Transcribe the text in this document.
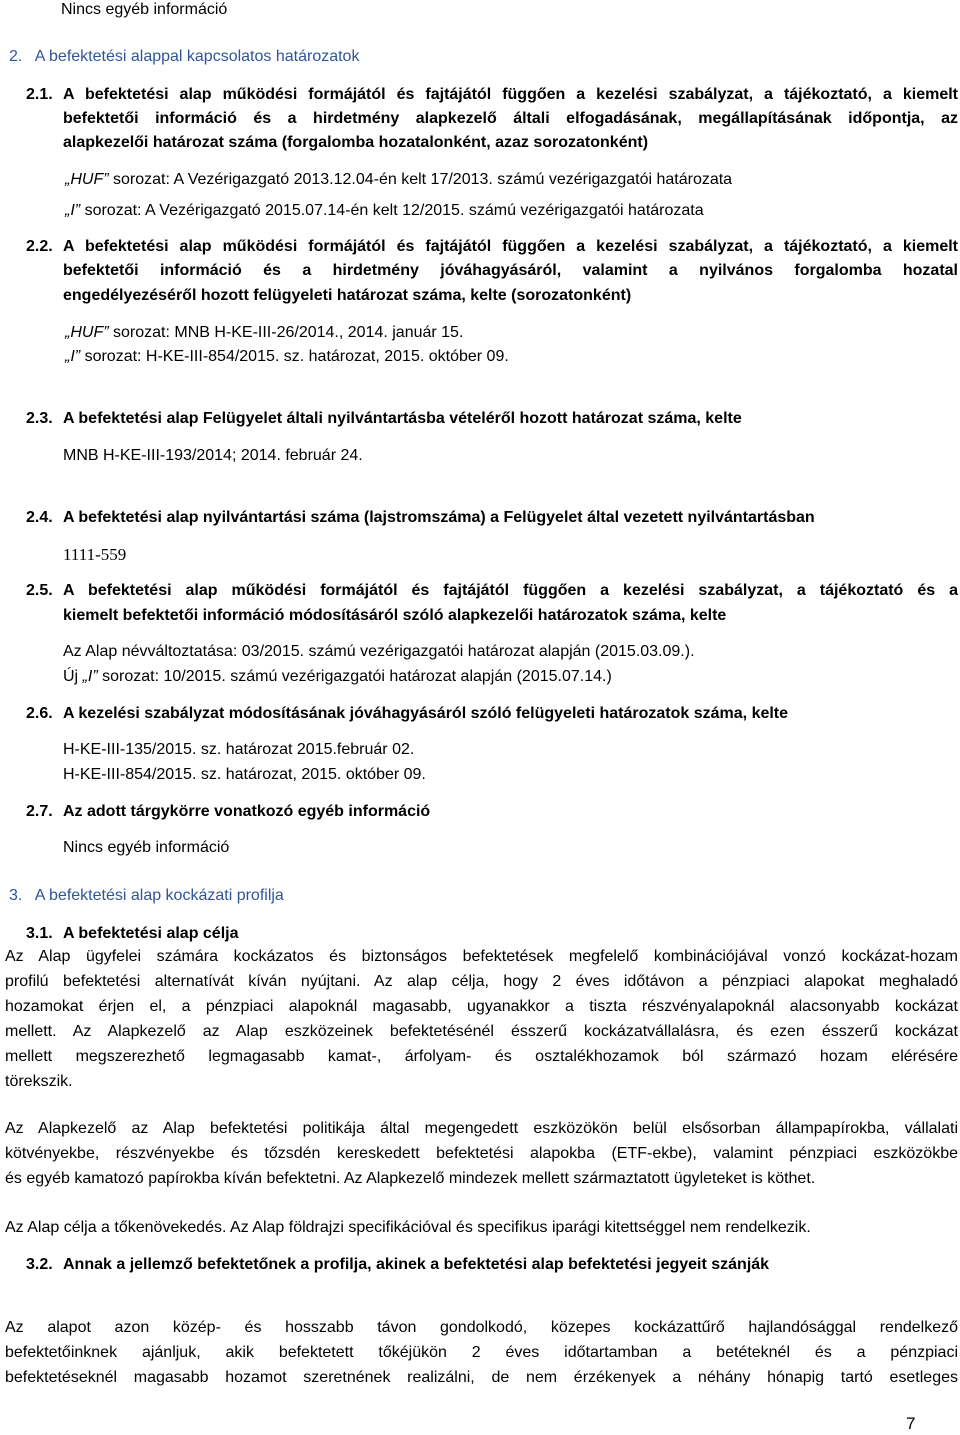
Nincs egyéb információ
2.   A befektetési alappal kapcsolatos határozatok
2.1. A befektetési alap működési formájától és fajtájától függően a kezelési szabályzat, a tájékoztató, a kiemelt
befektetői információ és a hirdetmény alapkezelő általi elfogadásának, megállapításának időpontja, az
alapkezelői határozat száma (forgalomba hozatalonként, azaz sorozatonként)
„HUF” sorozat: A Vezérigazgató 2013.12.04-én kelt 17/2013. számú vezérigazgatói határozata
„I” sorozat: A Vezérigazgató 2015.07.14-én kelt 12/2015. számú vezérigazgatói határozata
2.2. A befektetési alap működési formájától és fajtájától függően a kezelési szabályzat, a tájékoztató, a kiemelt
befektetői információ és a hirdetmény jóváhagyásáról, valamint a nyilvános forgalomba hozatal
engedélyezéséről hozott felügyeleti határozat száma, kelte (sorozatonként)
„HUF” sorozat: MNB H-KE-III-26/2014., 2014. január 15.
„I” sorozat: H-KE-III-854/2015. sz. határozat, 2015. október 09.
2.3. A befektetési alap Felügyelet általi nyilvántartásba vételéről hozott határozat száma, kelte
MNB H-KE-III-193/2014; 2014. február 24.
2.4. A befektetési alap nyilvántartási száma (lajstromszáma) a Felügyelet által vezetett nyilvántartásban
1111-559
2.5. A befektetési alap működési formájától és fajtájától függően a kezelési szabályzat, a tájékoztató és a
kiemelt befektetői információ módosításáról szóló alapkezelői határozatok száma, kelte
Az Alap névváltoztatása: 03/2015. számú vezérigazgatói határozat alapján (2015.03.09.).
Új „I” sorozat: 10/2015. számú vezérigazgatói határozat alapján (2015.07.14.)
2.6. A kezelési szabályzat módosításának jóváhagyásáról szóló felügyeleti határozatok száma, kelte
H-KE-III-135/2015. sz. határozat 2015.február 02.
H-KE-III-854/2015. sz. határozat, 2015. október 09.
2.7. Az adott tárgykörre vonatkozó egyéb információ
Nincs egyéb információ
3.   A befektetési alap kockázati profilja
3.1. A befektetési alap célja
Az Alap ügyfelei számára kockázatos és biztonságos befektetések megfelelő kombinációjával vonzó kockázat-hozam
profilú befektetési alternatívát kíván nyújtani. Az alap célja, hogy 2 éves időtávon a pénzpiaci alapokat meghaladó
hozamokat érjen el, a pénzpiaci alapoknál magasabb, ugyanakkor a tiszta részvényalapoknál alacsonyabb kockázat
mellett. Az Alapkezelő az Alap eszközeinek befektetésénél ésszerű kockázatvállalásra, és ezen ésszerű kockázat
mellett megszerezhető legmagasabb kamat-, árfolyam- és osztalékhozamok ból származó hozam elérésére
törekszik.
Az Alapkezelő az Alap befektetési politikája által megengedett eszközökön belül elsősorban állampapírokba, vállalati
kötvényekbe, részvényekbe és tőzsdén kereskedett befektetési alapokba (ETF-ekbe), valamint pénzpiaci eszközökbe
és egyéb kamatozó papírokba kíván befektetni. Az Alapkezelő mindezek mellett származtatott ügyleteket is köthet.
Az Alap célja a tőkenövekedés. Az Alap földrajzi specifikációval és specifikus iparági kitettséggel nem rendelkezik.
3.2. Annak a jellemző befektetőnek a profilja, akinek a befektetési alap befektetési jegyeit szánják
Az alapot azon közép- és hosszabb távon gondolkodó, közepes kockázattűrő hajlandósággal rendelkező
befektetőinknek ajánljuk, akik befektetett tőkéjükön 2 éves időtartamban a betéteknél és a pénzpiaci
befektetéseknél magasabb hozamot szeretnének realizálni, de nem érzékenyek a néhány hónapig tartó esetleges
7
